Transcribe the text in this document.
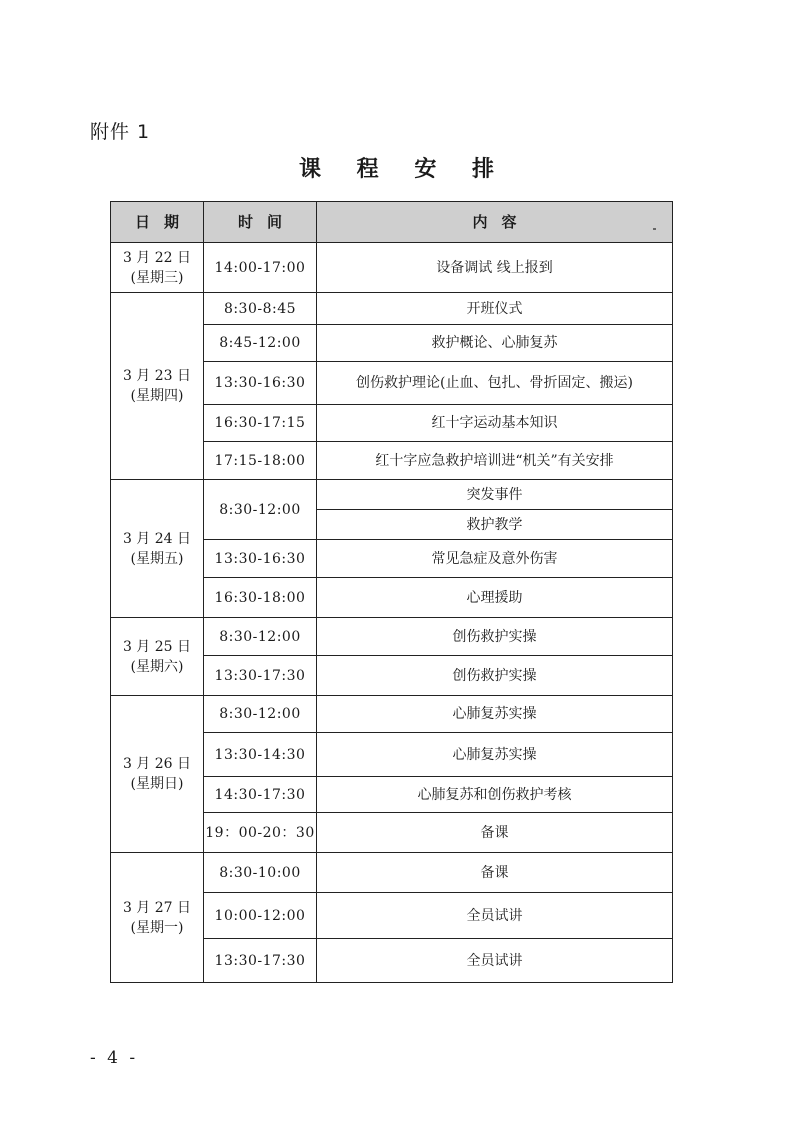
附件 1
课 程 安 排
日期	时间	内容

3 月 22 日
(星期三)	14:00-17:00	设备调试 线上报到

3 月 23 日
(星期四)	8:30-8:45	开班仪式
	8:45-12:00	救护概论、心肺复苏
	13:30-16:30	创伤救护理论(止血、包扎、骨折固定、搬运)
	16:30-17:15	红十字运动基本知识
	17:15-18:00	红十字应急救护培训进“机关”有关安排

3 月 24 日
(星期五)	8:30-12:00	突发事件
		救护教学
	13:30-16:30	常见急症及意外伤害
	16:30-18:00	心理援助

3 月 25 日
(星期六)	8:30-12:00	创伤救护实操
	13:30-17:30	创伤救护实操

3 月 26 日
(星期日)	8:30-12:00	心肺复苏实操
	13:30-14:30	心肺复苏实操
	14:30-17:30	心肺复苏和创伤救护考核
	19：00-20：30	备课

3 月 27 日
(星期一)	8:30-10:00	备课
	10:00-12:00	全员试讲
	13:30-17:30	全员试讲
- 4 -
